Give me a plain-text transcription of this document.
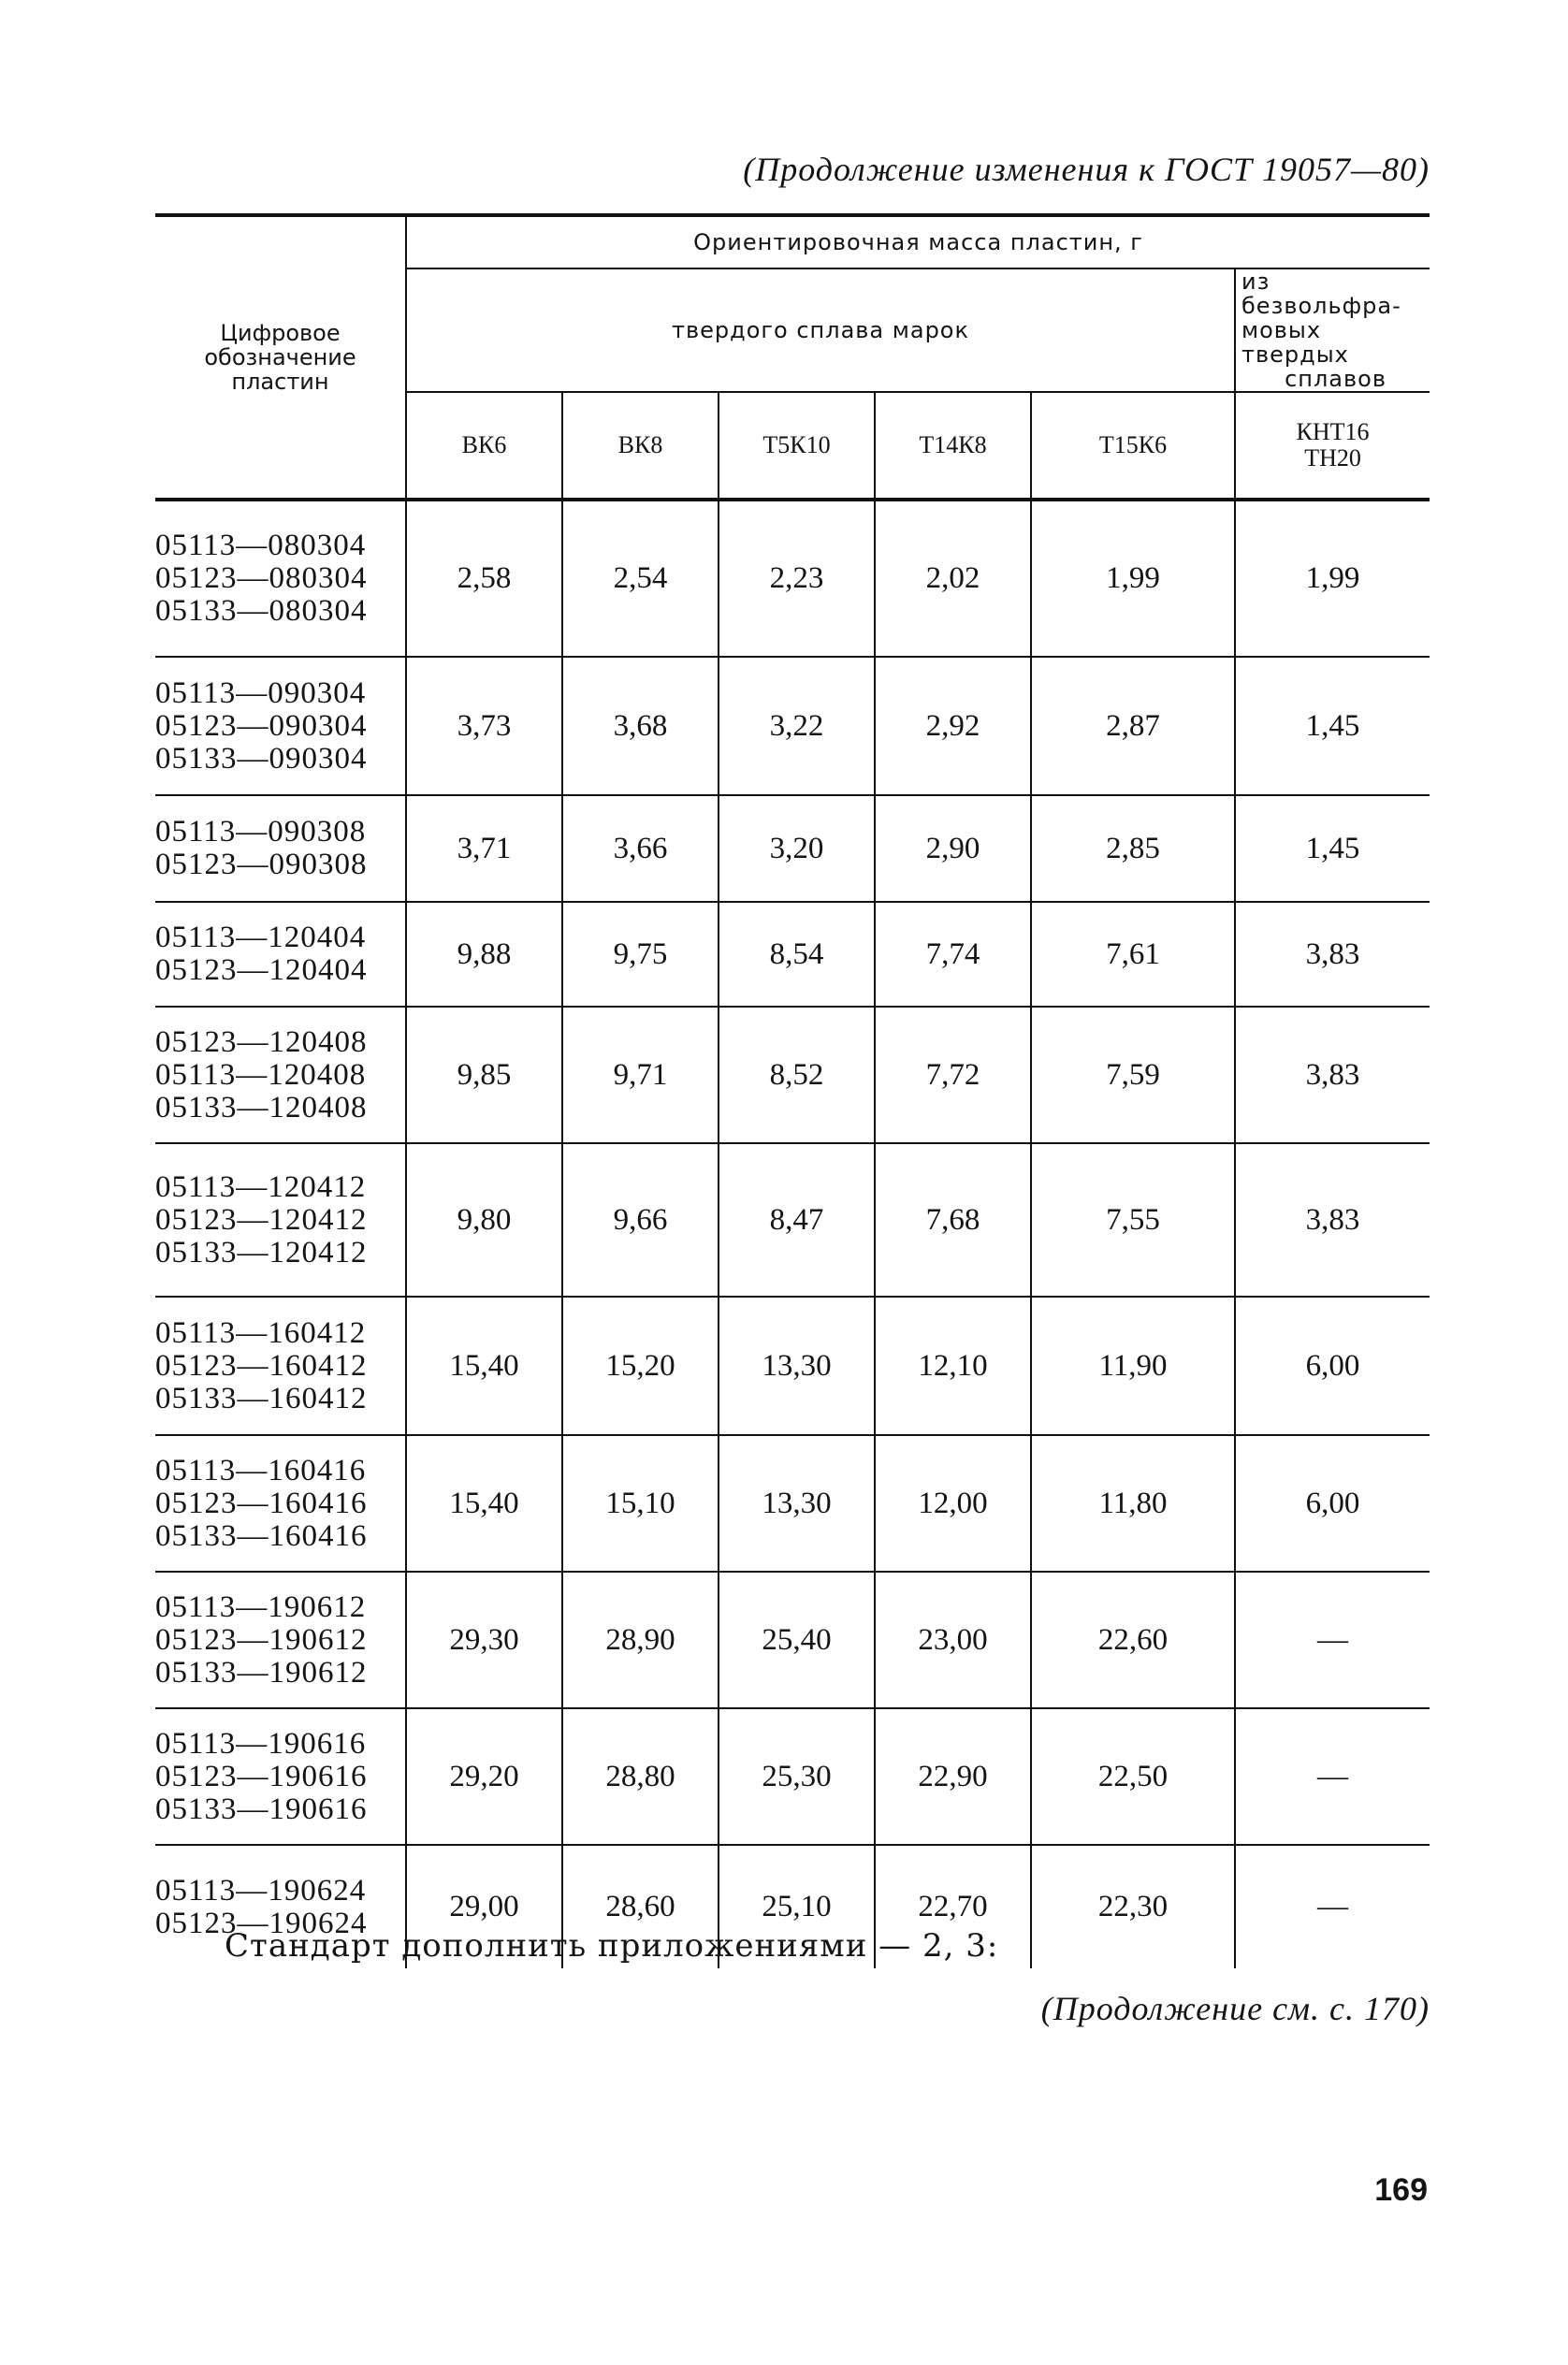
(Продолжение изменения к ГОСТ 19057—80)
Цифровое
обозначение
пластин	Ориентировочная масса пластин, г					
	твердого сплава марок					из безвольфра-
мовых твердых
сплавов

	ВК6	ВК8	Т5К10	Т14К8	Т15К6	КНТ16
ТН20

05113—080304
05123—080304
05133—080304	2,58	2,54	2,23	2,02	1,99	1,99

05113—090304
05123—090304
05133—090304	3,73	3,68	3,22	2,92	2,87	1,45

05113—090308
05123—090308	3,71	3,66	3,20	2,90	2,85	1,45

05113—120404
05123—120404	9,88	9,75	8,54	7,74	7,61	3,83

05123—120408
05113—120408
05133—120408	9,85	9,71	8,52	7,72	7,59	3,83

05113—120412
05123—120412
05133—120412	9,80	9,66	8,47	7,68	7,55	3,83

05113—160412
05123—160412
05133—160412	15,40	15,20	13,30	12,10	11,90	6,00

05113—160416
05123—160416
05133—160416	15,40	15,10	13,30	12,00	11,80	6,00

05113—190612
05123—190612
05133—190612	29,30	28,90	25,40	23,00	22,60	—

05113—190616
05123—190616
05133—190616	29,20	28,80	25,30	22,90	22,50	—

05113—190624
05123—190624	29,00	28,60	25,10	22,70	22,30	—
Стандарт дополнить приложениями — 2, 3:
(Продолжение см. с. 170)
169
